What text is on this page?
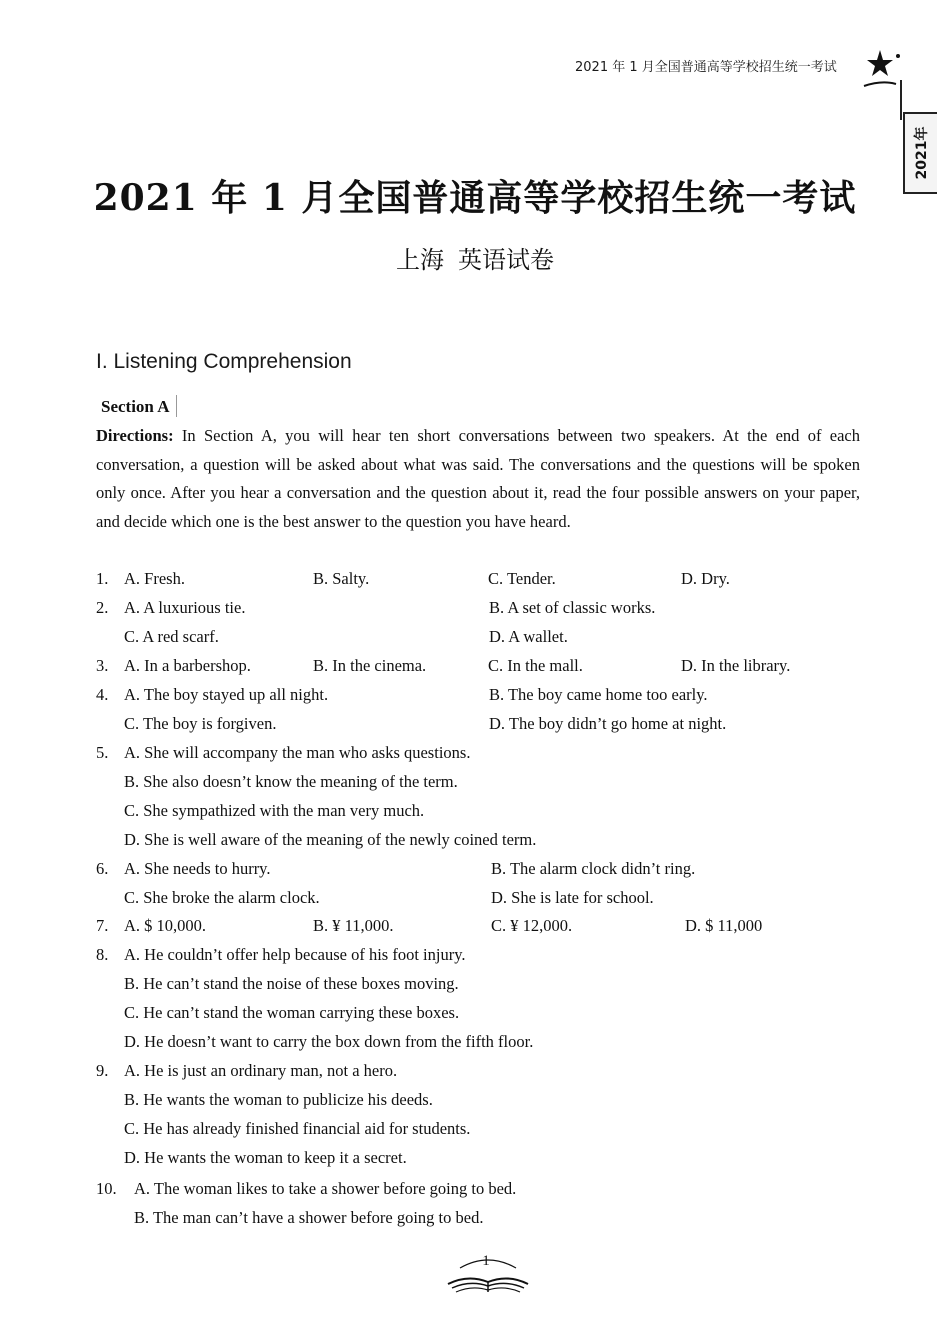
2021 年 1 月全国普通高等学校招生统一考试
2021年
2021 年 1 月全国普通高等学校招生统一考试
上海 英语试卷
I. Listening Comprehension
Section A
Directions: In Section A, you will hear ten short conversations between two speakers. At the end of each conversation, a question will be asked about what was said. The conversations and the questions will be spoken only once. After you hear a conversation and the question about it, read the four possible answers on your paper, and decide which one is the best answer to the question you have heard.
1. A. Fresh.	B. Salty.	C. Tender.	D. Dry.
2. A. A luxurious tie.	B. A set of classic works.
C. A red scarf.	D. A wallet.
3. A. In a barbershop.	B. In the cinema.	C. In the mall.	D. In the library.
4. A. The boy stayed up all night.	B. The boy came home too early.
C. The boy is forgiven.	D. The boy didn’t go home at night.
5. A. She will accompany the man who asks questions.
B. She also doesn’t know the meaning of the term.
C. She sympathized with the man very much.
D. She is well aware of the meaning of the newly coined term.
6. A. She needs to hurry.	B. The alarm clock didn’t ring.
C. She broke the alarm clock.	D. She is late for school.
7. A. $ 10,000.	B. ¥ 11,000.	C. ¥ 12,000.	D. $ 11,000
8. A. He couldn’t offer help because of his foot injury.
B. He can’t stand the noise of these boxes moving.
C. He can’t stand the woman carrying these boxes.
D. He doesn’t want to carry the box down from the fifth floor.
9. A. He is just an ordinary man, not a hero.
B. He wants the woman to publicize his deeds.
C. He has already finished financial aid for students.
D. He wants the woman to keep it a secret.
10. A. The woman likes to take a shower before going to bed.
B. The man can’t have a shower before going to bed.
1
